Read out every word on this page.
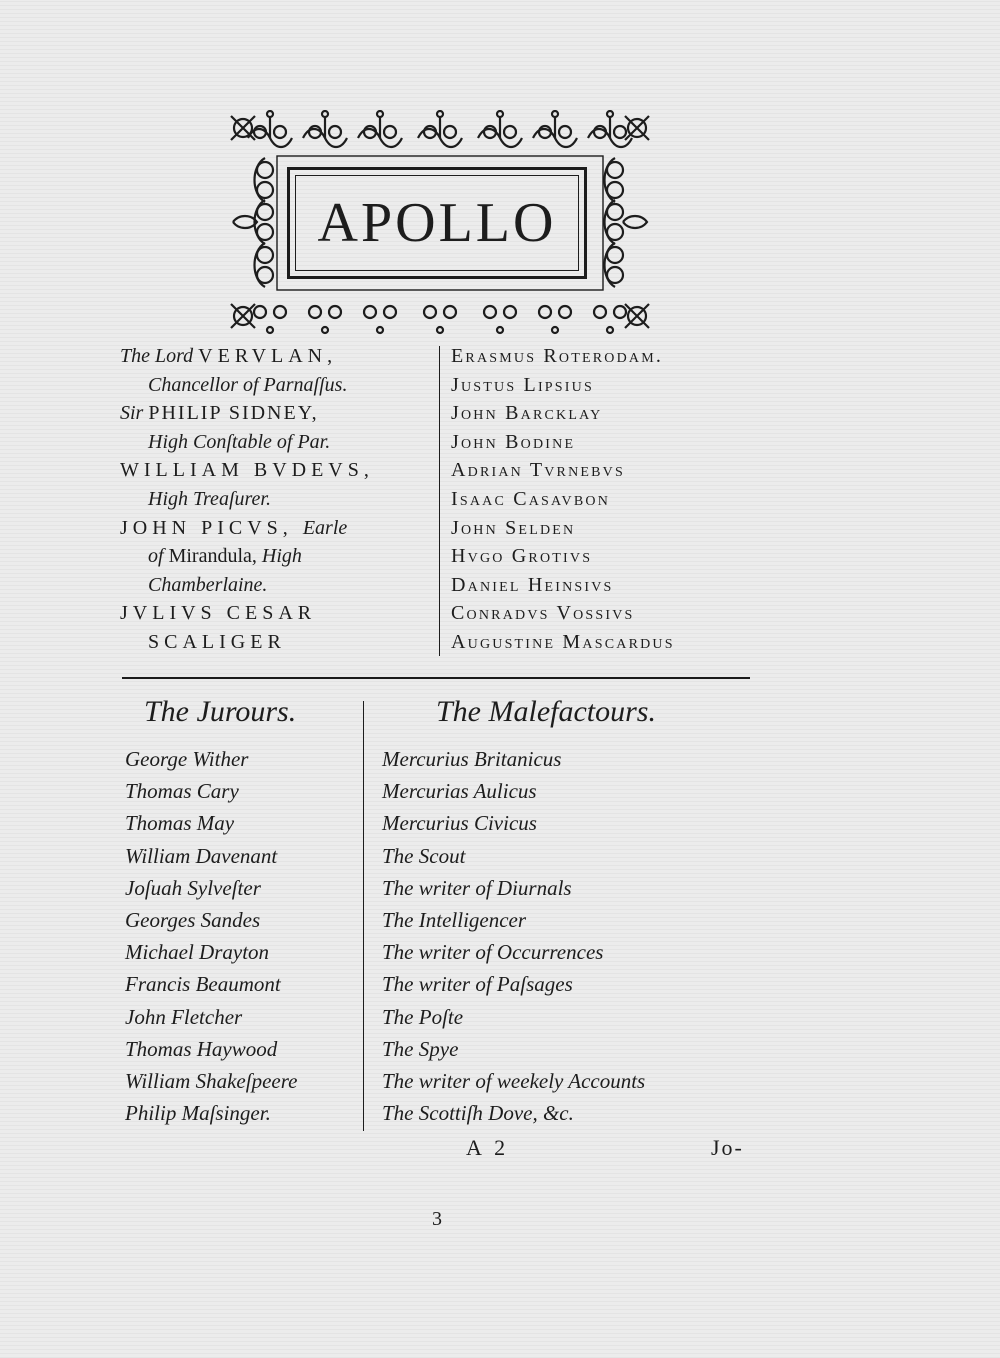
APOLLO
The Lord VERVLAN,
Chancellor of Parnaſſus.
Sir PHILIP SIDNEY,
High Conſtable of Par.
WILLIAM BVDEVS,
High Treaſurer.
JOHN PICVS, Earle
of Mirandula, High
Chamberlaine.
JVLIVS CESAR
SCALIGER
Erasmus Roterodam.
Justus Lipsius
John Barcklay
John Bodine
Adrian Tvrnebvs
Isaac Casavbon
John Selden
Hvgo Grotivs
Daniel Heinsivs
Conradvs Vossivs
Augustine Mascardus
The Jurours.	The Malefactours.
George Wither
Thomas Cary
Thomas May
William Davenant
Joſuah Sylveſter
Georges Sandes
Michael Drayton
Francis Beaumont
John Fletcher
Thomas Haywood
William Shakeſpeere
Philip Maſsinger.
Mercurius Britanicus
Mercurias Aulicus
Mercurius Civicus
The Scout
The writer of Diurnals
The Intelligencer
The writer of Occurrences
The writer of Paſsages
The Poſte
The Spye
The writer of weekely Accounts
The Scottiſh Dove, &c.
A 2	Jo-
3
